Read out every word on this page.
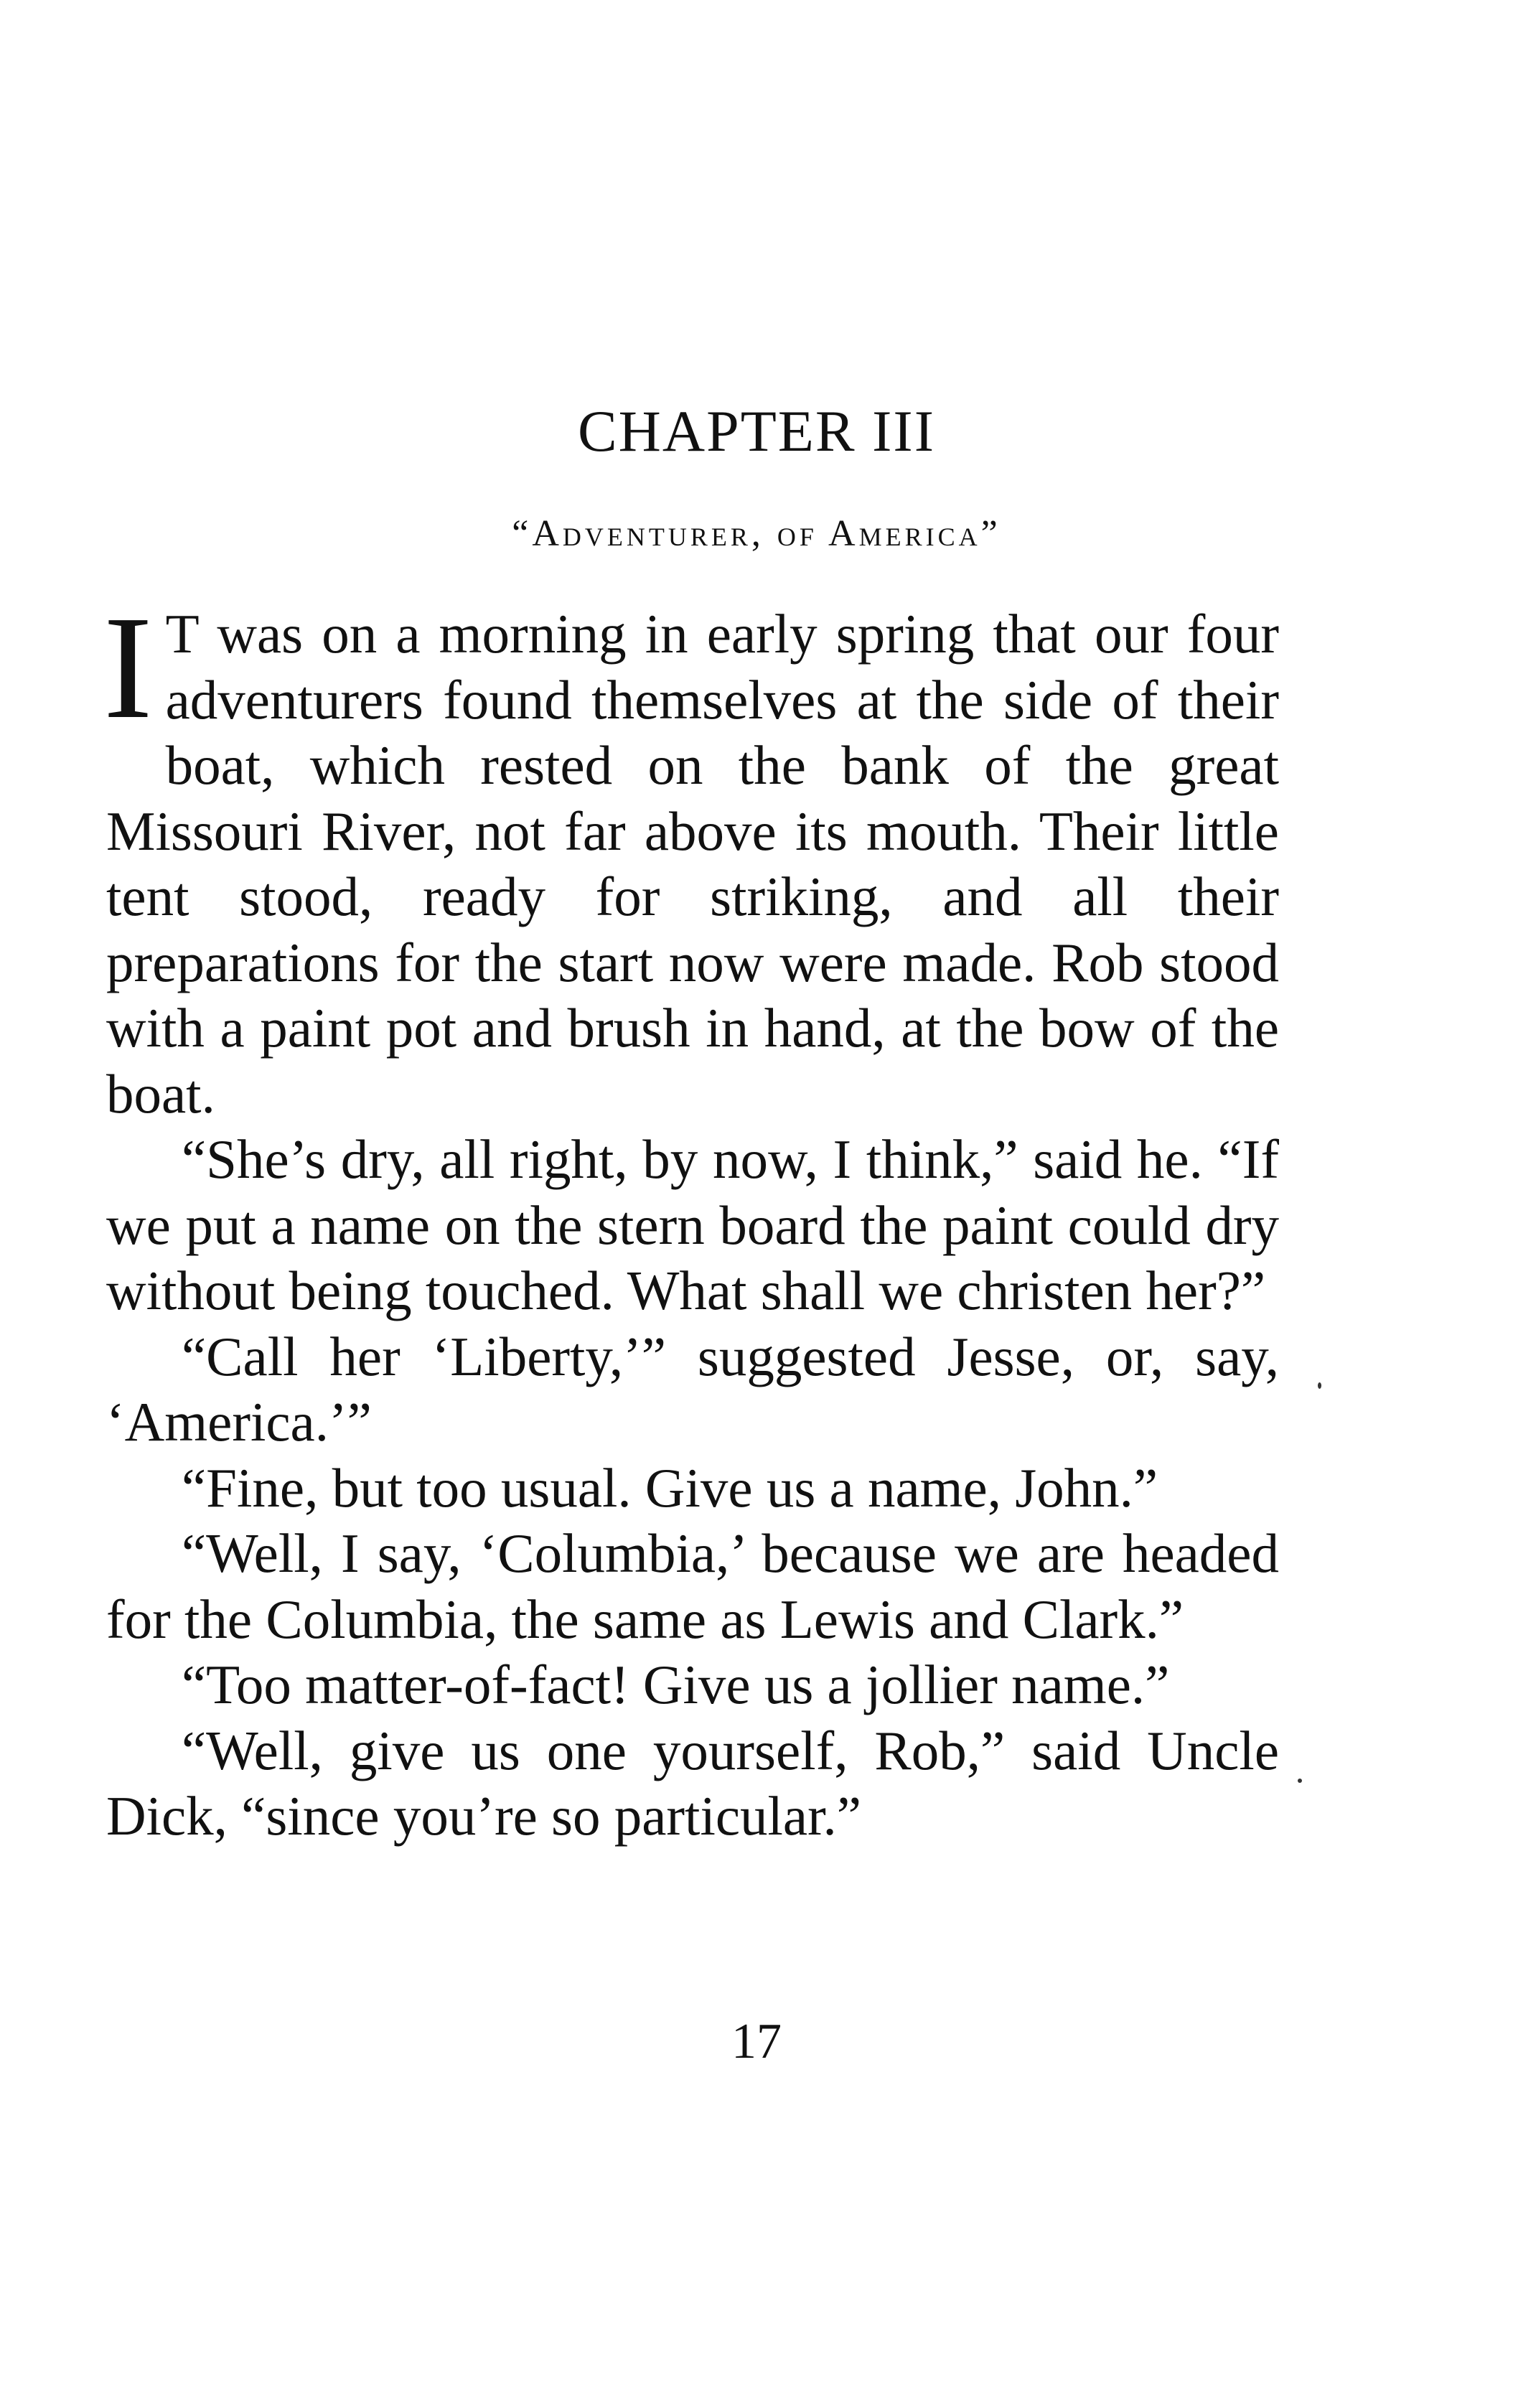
CHAPTER III
“Adventurer, of America”

I T was on a morning in early spring that our four adventurers found themselves at the side of their boat, which rested on the bank of the great Missouri River, not far above its mouth. Their little tent stood, ready for striking, and all their preparations for the start now were made. Rob stood with a paint pot and brush in hand, at the bow of the boat.

“She’s dry, all right, by now, I think,” said he. “If we put a name on the stern board the paint could dry without being touched. What shall we christen her?”

“Call her ‘Liberty,’” suggested Jesse, or, say, ‘America.’”

“Fine, but too usual. Give us a name, John.”

“Well, I say, ‘Columbia,’ because we are headed for the Columbia, the same as Lewis and Clark.”

“Too matter-of-fact! Give us a jollier name.”

“Well, give us one yourself, Rob,” said Uncle Dick, “since you’re so particular.”

17
